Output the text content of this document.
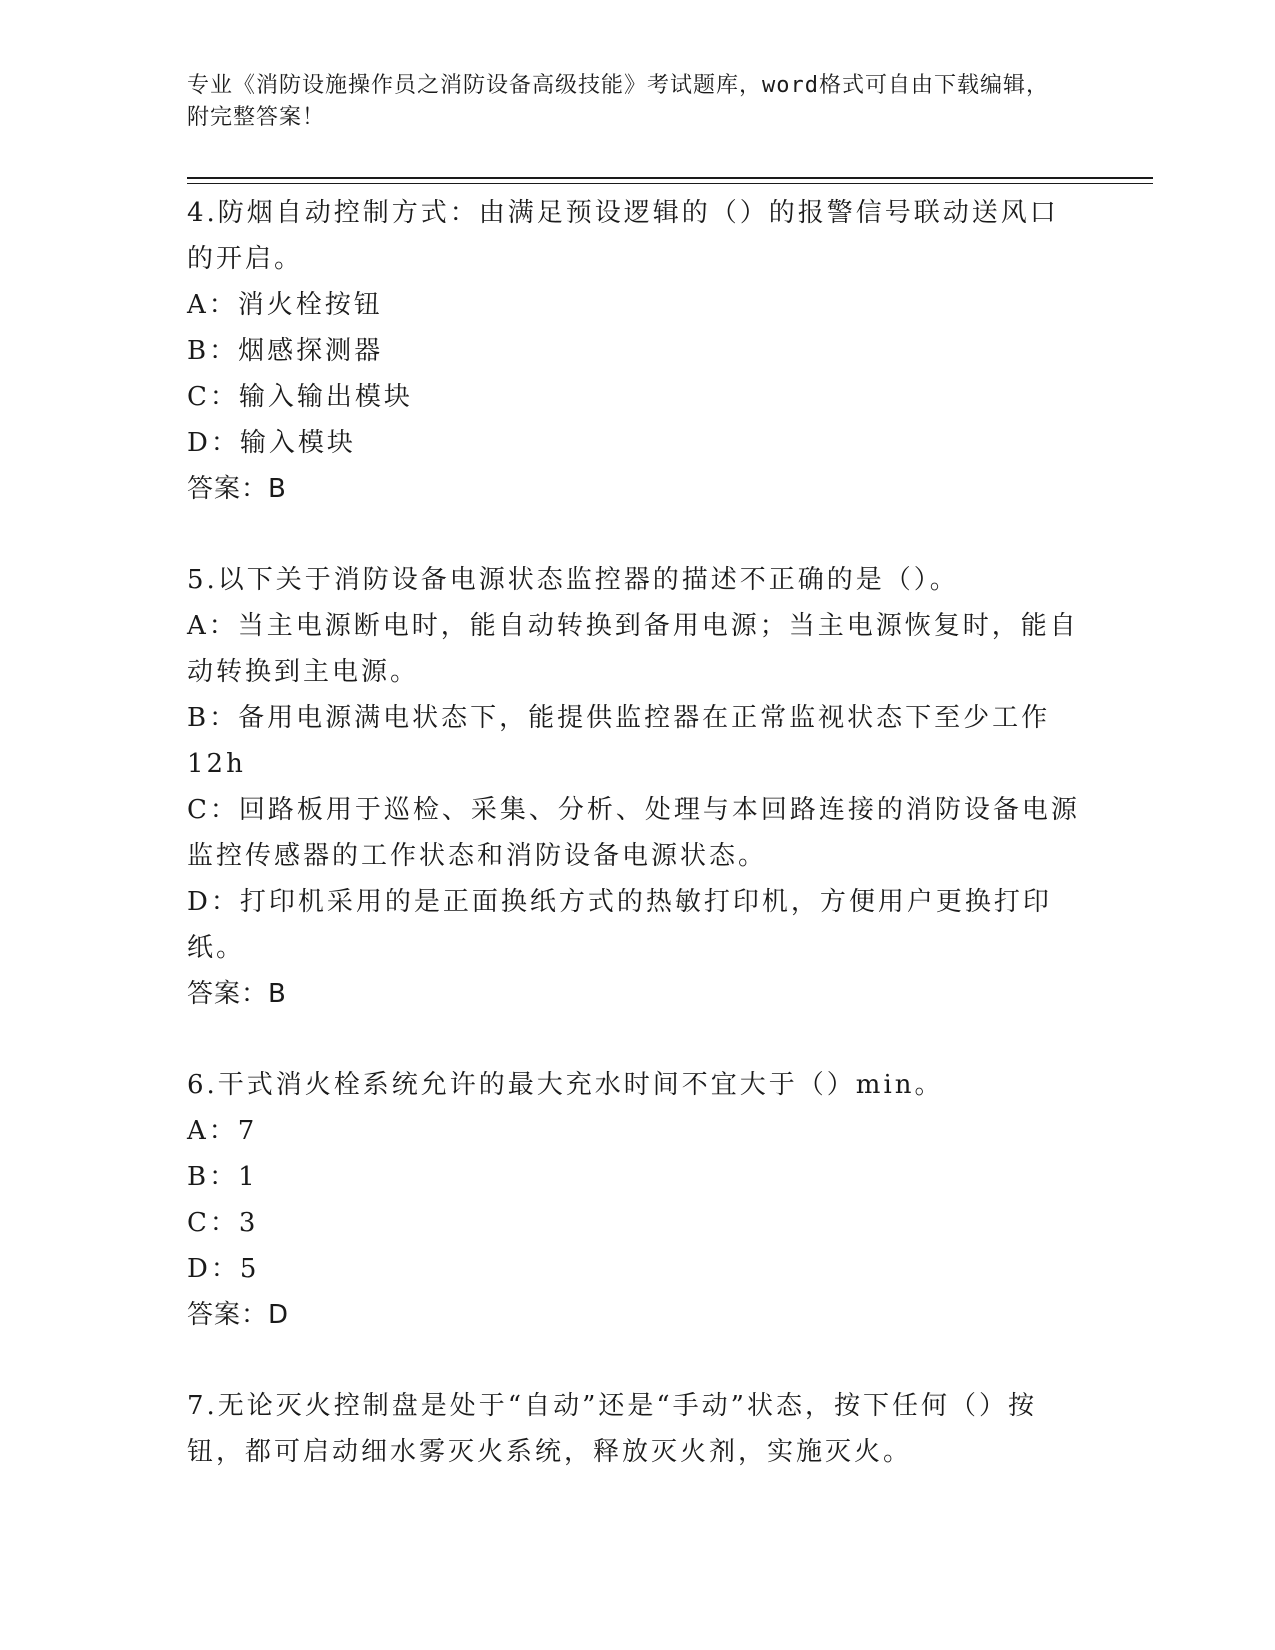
专业《消防设施操作员之消防设备高级技能》考试题库，word格式可自由下载编辑，附完整答案！

4.防烟自动控制方式：由满足预设逻辑的（）的报警信号联动送风口的开启。

A：消火栓按钮

B：烟感探测器

C：输入输出模块

D：输入模块

答案：B

5.以下关于消防设备电源状态监控器的描述不正确的是（）。

A：当主电源断电时，能自动转换到备用电源；当主电源恢复时，能自动转换到主电源。

B：备用电源满电状态下，能提供监控器在正常监视状态下至少工作12h

C：回路板用于巡检、采集、分析、处理与本回路连接的消防设备电源监控传感器的工作状态和消防设备电源状态。

D：打印机采用的是正面换纸方式的热敏打印机，方便用户更换打印纸。

答案：B

6.干式消火栓系统允许的最大充水时间不宜大于（）min。

A：7

B：1

C：3

D：5

答案：D

7.无论灭火控制盘是处于“自动”还是“手动”状态，按下任何（）按钮，都可启动细水雾灭火系统，释放灭火剂，实施灭火。
